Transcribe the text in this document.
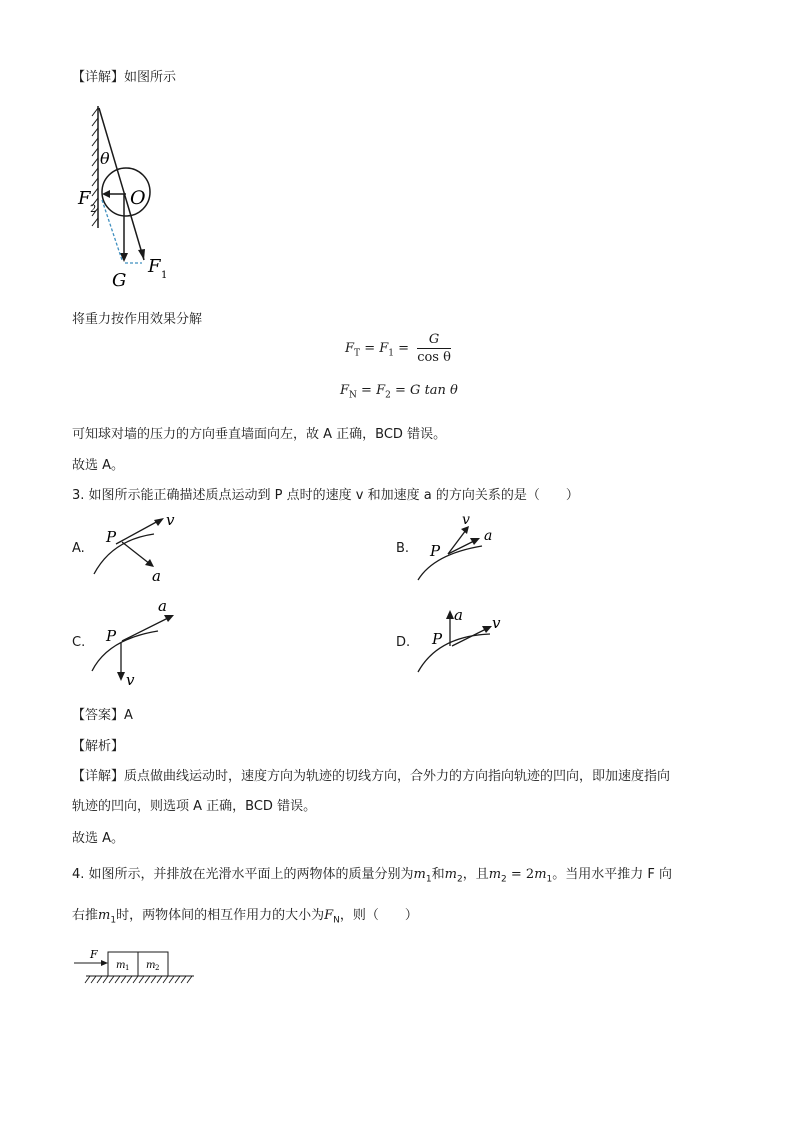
【详解】如图所示
θ
O
F
2
F 1
G
将重力按作用效果分解
$F_T = F_1 = \frac{G}{\text{cos θ}}$
$F_N = F_2 = G$ tan θ
可知球对墙的压力的方向垂直墙面向左，故 A 正确，BCD 错误。
故选 A。
3. 如图所示能正确描述质点运动到 P 点时的速度 v 和加速度 a 的方向关系的是（　　）
A.
P
v
a
B. P
v
a
C. P
a
v
D. P
a v
【答案】A
【解析】
【详解】质点做曲线运动时，速度方向为轨迹的切线方向，合外力的方向指向轨迹的凹向，即加速度指向
轨迹的凹向，则选项 A 正确，BCD 错误。
故选 A。
4. 如图所示，并排放在光滑水平面上的两物体的质量分别为$m_1$和$m_2$，且$m_2 = 2m_1$。当用水平推力 F 向
右推$m_1$时，两物体间的相互作用力的大小为$F_N$，则（　　）
F
m 1 m 2
